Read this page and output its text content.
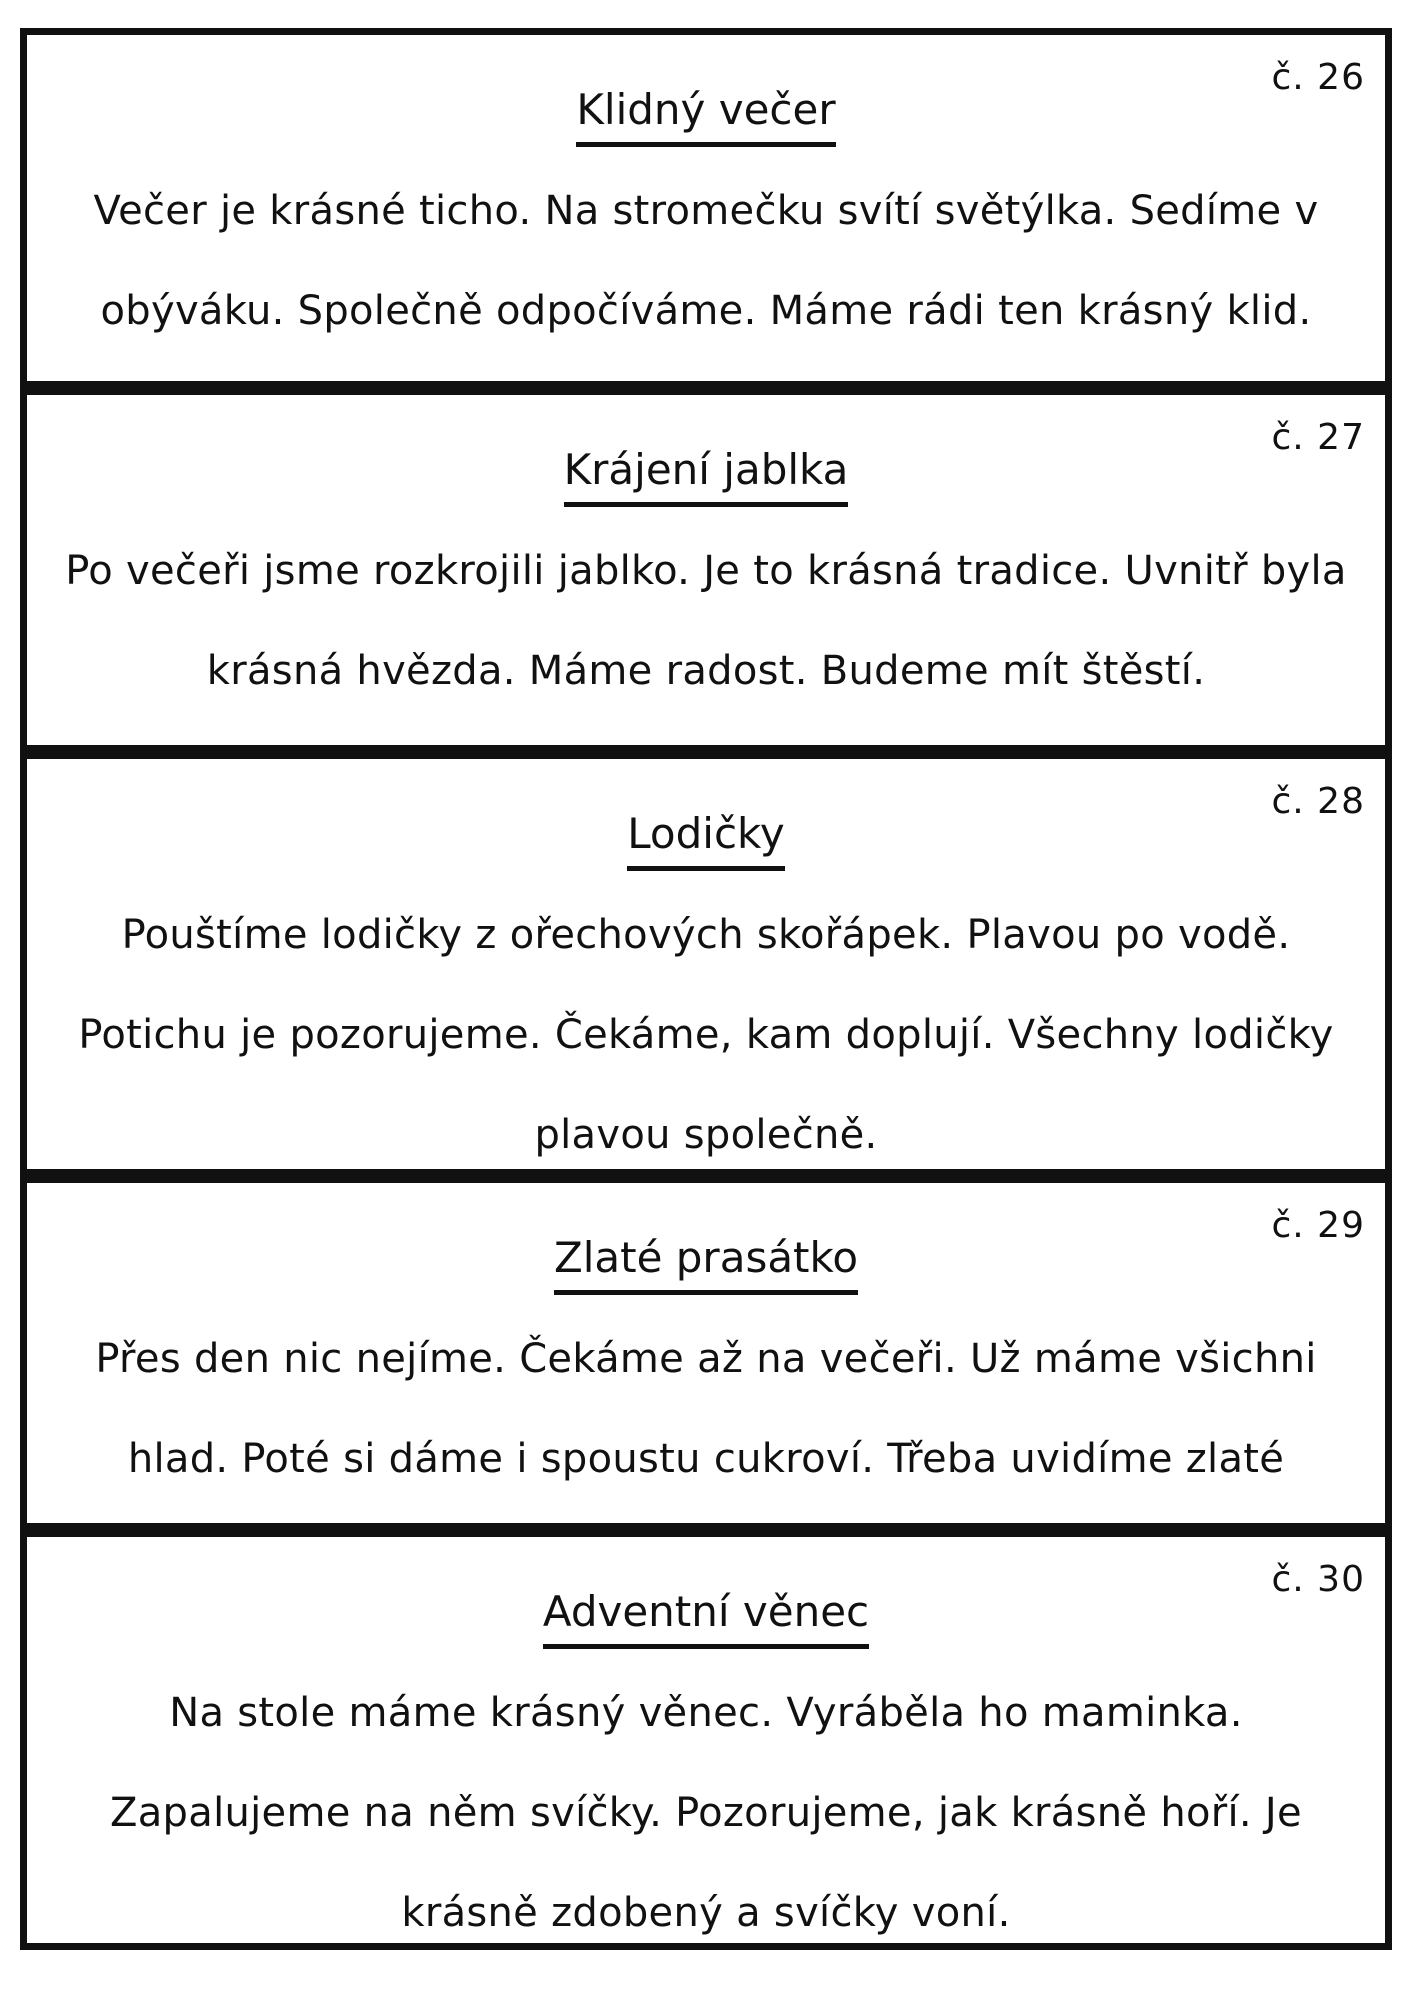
č. 26
Klidný večer
Večer je krásné ticho. Na stromečku svítí světýlka. Sedíme v obýváku. Společně odpočíváme. Máme rádi ten krásný klid.
č. 27
Krájení jablka
Po večeři jsme rozkrojili jablko. Je to krásná tradice. Uvnitř byla krásná hvězda. Máme radost. Budeme mít štěstí.
č. 28
Lodičky
Pouštíme lodičky z ořechových skořápek. Plavou po vodě. Potichu je pozorujeme. Čekáme, kam doplují. Všechny lodičky plavou společně.
č. 29
Zlaté prasátko
Přes den nic nejíme. Čekáme až na večeři. Už máme všichni hlad. Poté si dáme i spoustu cukroví. Třeba uvidíme zlaté
č. 30
Adventní věnec
Na stole máme krásný věnec. Vyráběla ho maminka. Zapalujeme na něm svíčky. Pozorujeme, jak krásně hoří. Je krásně zdobený a svíčky voní.
